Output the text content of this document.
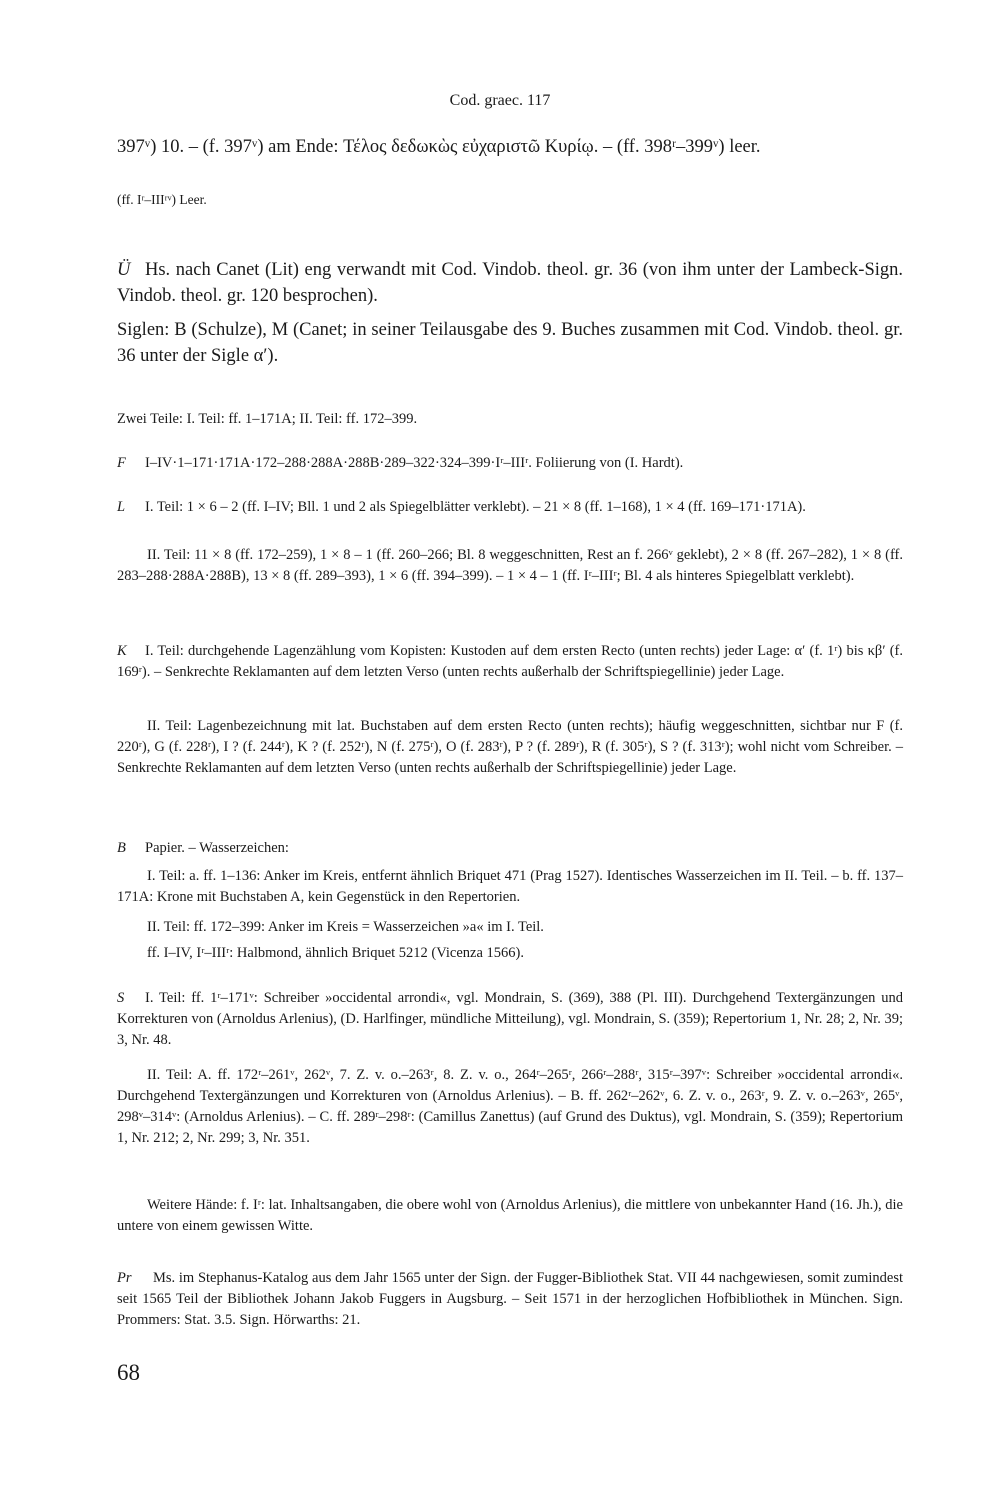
Cod. graec. 117

397ᵛ) 10. – (f. 397ᵛ) am Ende: Τέλος δεδωκὼς εὐχαριστῶ Κυρίῳ. – (ff. 398ʳ–399ᵛ) leer.

(ff. Iʳ–IIIʳᵛ) Leer.

Ü Hs. nach Canet (Lit) eng verwandt mit Cod. Vindob. theol. gr. 36 (von ihm unter der Lambeck-Sign. Vindob. theol. gr. 120 besprochen).

Siglen: B (Schulze), M (Canet; in seiner Teilausgabe des 9. Buches zusammen mit Cod. Vindob. theol. gr. 36 unter der Sigle α′).

Zwei Teile: I. Teil: ff. 1–171A; II. Teil: ff. 172–399.

F I–IV·1–171·171A·172–288·288A·288B·289–322·324–399·Iʳ–IIIʳ. Foliierung von (I. Hardt).

L I. Teil: 1 × 6 – 2 (ff. I–IV; Bll. 1 und 2 als Spiegelblätter verklebt). – 21 × 8 (ff. 1–168), 1 × 4 (ff. 169–171·171A).

II. Teil: 11 × 8 (ff. 172–259), 1 × 8 – 1 (ff. 260–266; Bl. 8 weggeschnitten, Rest an f. 266ᵛ geklebt), 2 × 8 (ff. 267–282), 1 × 8 (ff. 283–288·288A·288B), 13 × 8 (ff. 289–393), 1 × 6 (ff. 394–399). – 1 × 4 – 1 (ff. Iʳ–IIIʳ; Bl. 4 als hinteres Spiegelblatt verklebt).

K I. Teil: durchgehende Lagenzählung vom Kopisten: Kustoden auf dem ersten Recto (unten rechts) jeder Lage: α′ (f. 1ʳ) bis κβ′ (f. 169ʳ). – Senkrechte Reklamanten auf dem letzten Verso (unten rechts außerhalb der Schriftspiegellinie) jeder Lage.

II. Teil: Lagenbezeichnung mit lat. Buchstaben auf dem ersten Recto (unten rechts); häufig weggeschnitten, sichtbar nur F (f. 220ʳ), G (f. 228ʳ), I ? (f. 244ʳ), K ? (f. 252ʳ), N (f. 275ʳ), O (f. 283ʳ), P ? (f. 289ʳ), R (f. 305ʳ), S ? (f. 313ʳ); wohl nicht vom Schreiber. – Senkrechte Reklamanten auf dem letzten Verso (unten rechts außerhalb der Schriftspiegellinie) jeder Lage.

B Papier. – Wasserzeichen:

I. Teil: a. ff. 1–136: Anker im Kreis, entfernt ähnlich Briquet 471 (Prag 1527). Identisches Wasserzeichen im II. Teil. – b. ff. 137–171A: Krone mit Buchstaben A, kein Gegenstück in den Repertorien.

II. Teil: ff. 172–399: Anker im Kreis = Wasserzeichen »a« im I. Teil.

ff. I–IV, Iʳ–IIIʳ: Halbmond, ähnlich Briquet 5212 (Vicenza 1566).

S I. Teil: ff. 1ʳ–171ᵛ: Schreiber »occidental arrondi«, vgl. Mondrain, S. (369), 388 (Pl. III). Durchgehend Textergänzungen und Korrekturen von (Arnoldus Arlenius), (D. Harlfinger, mündliche Mitteilung), vgl. Mondrain, S. (359); Repertorium 1, Nr. 28; 2, Nr. 39; 3, Nr. 48.

II. Teil: A. ff. 172ʳ–261ᵛ, 262ᵛ, 7. Z. v. o.–263ʳ, 8. Z. v. o., 264ʳ–265ʳ, 266ʳ–288ʳ, 315ʳ–397ᵛ: Schreiber »occidental arrondi«. Durchgehend Textergänzungen und Korrekturen von (Arnoldus Arlenius). – B. ff. 262ʳ–262ᵛ, 6. Z. v. o., 263ʳ, 9. Z. v. o.–263ᵛ, 265ᵛ, 298ᵛ–314ᵛ: (Arnoldus Arlenius). – C. ff. 289ʳ–298ʳ: (Camillus Zanettus) (auf Grund des Duktus), vgl. Mondrain, S. (359); Repertorium 1, Nr. 212; 2, Nr. 299; 3, Nr. 351.

Weitere Hände: f. Iʳ: lat. Inhaltsangaben, die obere wohl von (Arnoldus Arlenius), die mittlere von unbekannter Hand (16. Jh.), die untere von einem gewissen Witte.

Pr Ms. im Stephanus-Katalog aus dem Jahr 1565 unter der Sign. der Fugger-Bibliothek Stat. VII 44 nachgewiesen, somit zumindest seit 1565 Teil der Bibliothek Johann Jakob Fuggers in Augsburg. – Seit 1571 in der herzoglichen Hofbibliothek in München. Sign. Prommers: Stat. 3.5. Sign. Hörwarths: 21.

68
